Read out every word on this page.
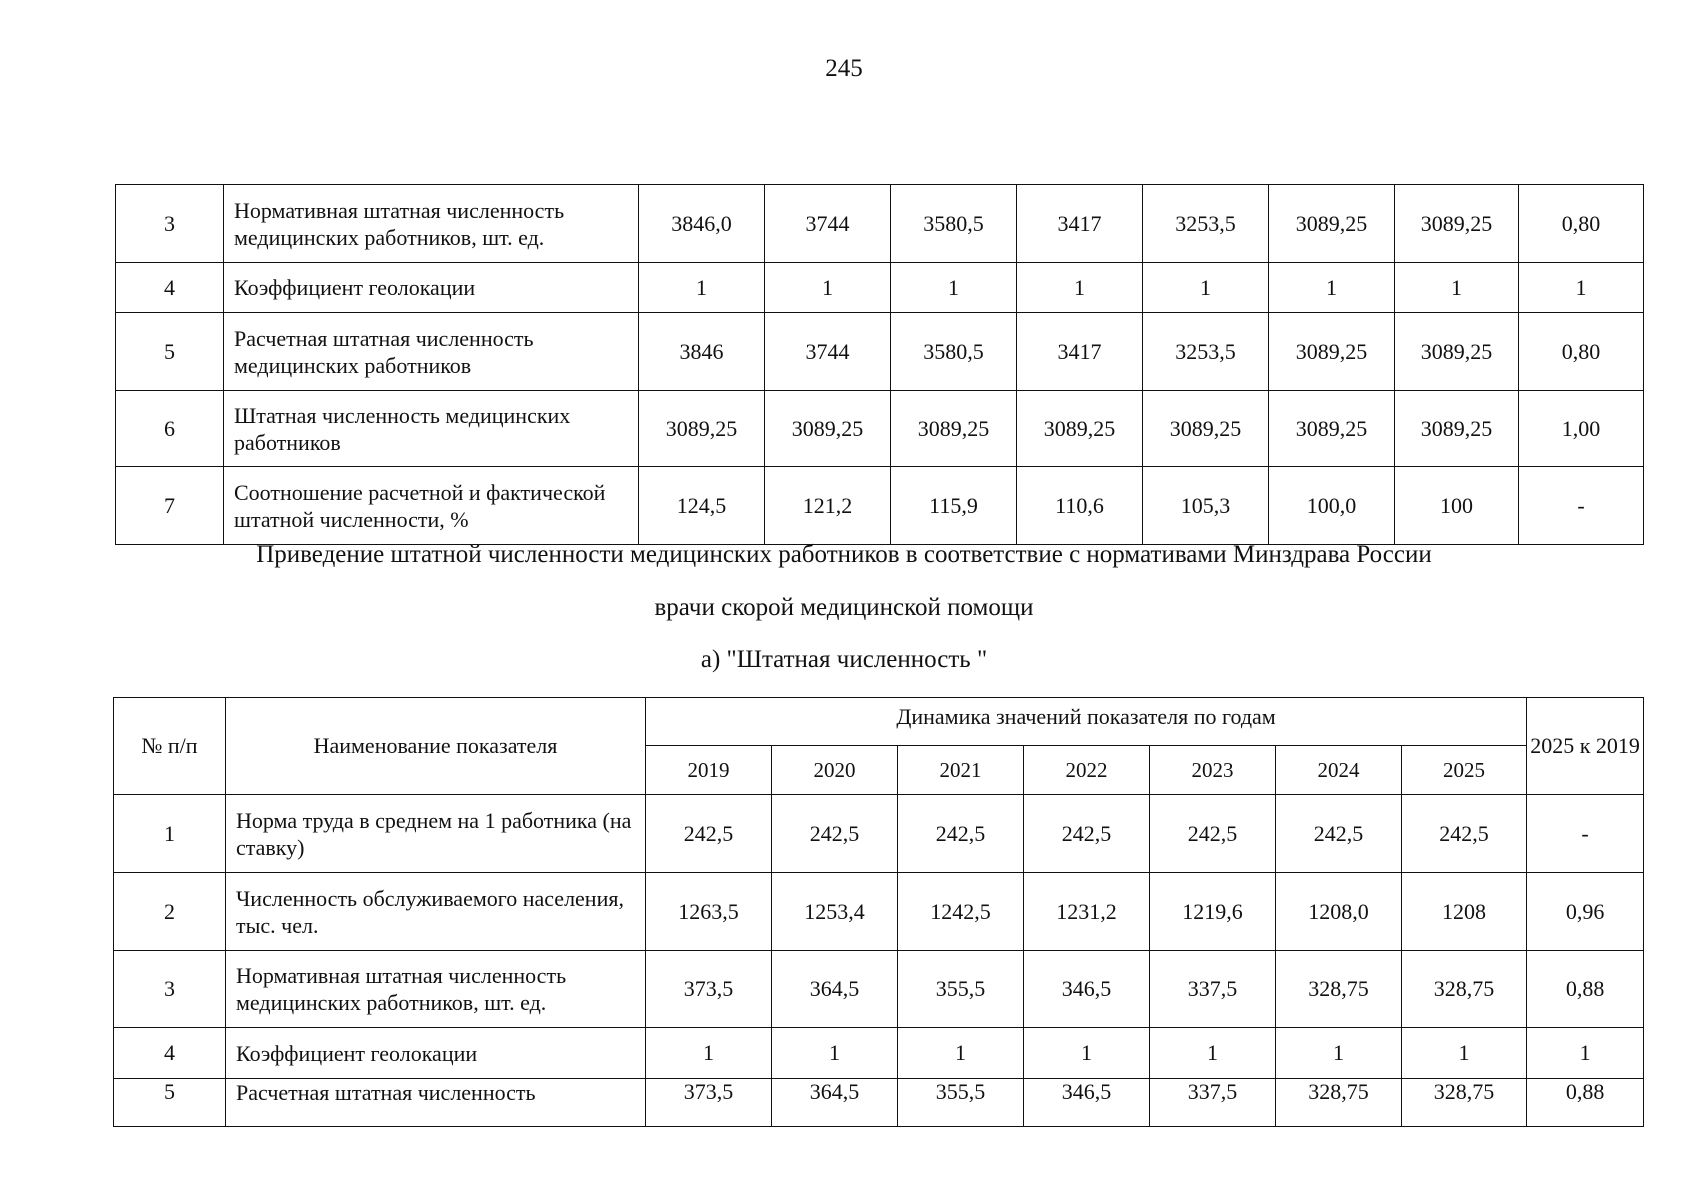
245
3	Нормативная штатная численность медицинских работников, шт. ед.	3846,0	3744	3580,5	3417	3253,5	3089,25	3089,25	0,80
4	Коэффициент геолокации	1	1	1	1	1	1	1	1
5	Расчетная штатная численность медицинских работников	3846	3744	3580,5	3417	3253,5	3089,25	3089,25	0,80
6	Штатная численность медицинских работников	3089,25	3089,25	3089,25	3089,25	3089,25	3089,25	3089,25	1,00
7	Соотношение расчетной и фактической штатной численности, %	124,5	121,2	115,9	110,6	105,3	100,0	100	-
Приведение штатной численности медицинских работников в соответствие с нормативами Минздрава России
врачи скорой медицинской помощи
а) "Штатная численность "
№ п/п	Наименование показателя	Динамика значений показателя по годам							2025 к 2019
		2019	2020	2021	2022	2023	2024	2025	
1	Норма труда в среднем на 1 работника (на ставку)	242,5	242,5	242,5	242,5	242,5	242,5	242,5	-
2	Численность обслуживаемого населения, тыс. чел.	1263,5	1253,4	1242,5	1231,2	1219,6	1208,0	1208	0,96
3	Нормативная штатная численность медицинских работников, шт. ед.	373,5	364,5	355,5	346,5	337,5	328,75	328,75	0,88
4	Коэффициент геолокации	1	1	1	1	1	1	1	1
5	Расчетная штатная численность	373,5	364,5	355,5	346,5	337,5	328,75	328,75	0,88
